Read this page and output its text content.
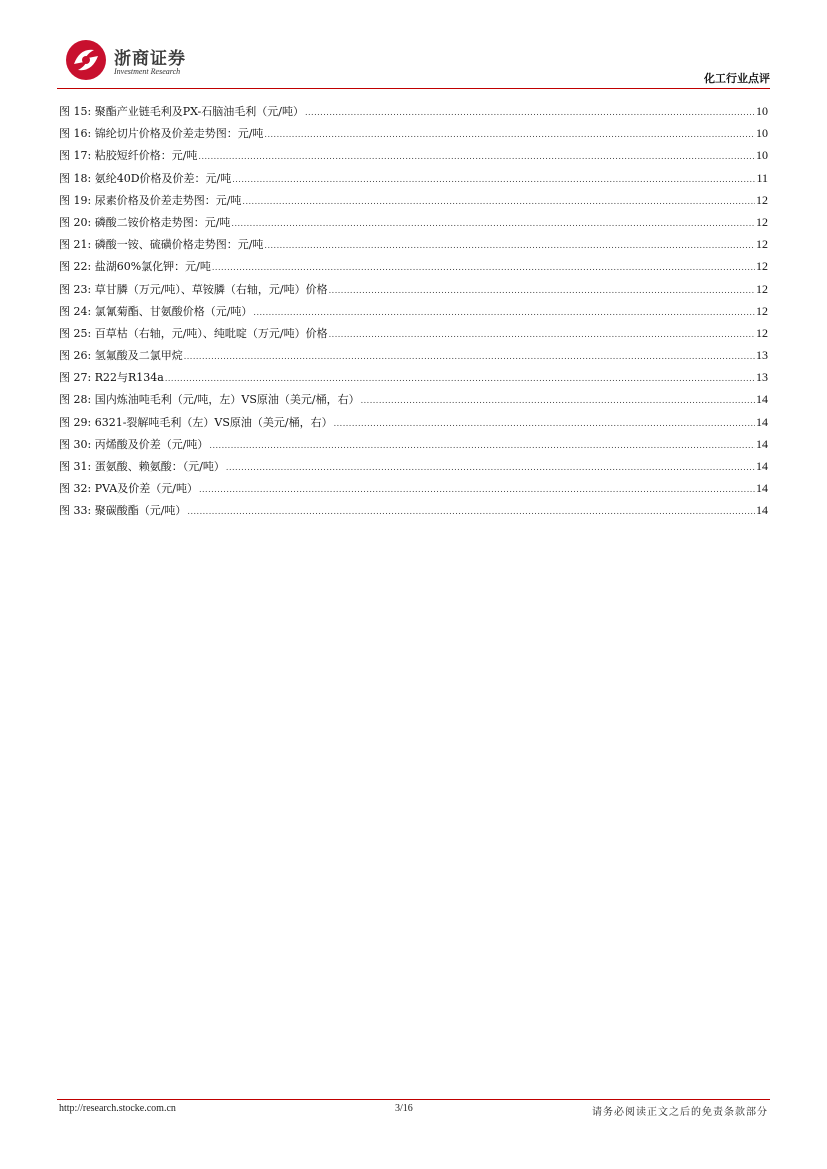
浙商证券
Investment Research
化工行业点评
图 15: 聚酯产业链毛利及PX-石脑油毛利（元/吨） .....	10
图 16: 锦纶切片价格及价差走势图：元/吨 .....	10
图 17: 粘胶短纤价格：元/吨 .....	10
图 18: 氨纶40D价格及价差：元/吨 .....	11
图 19: 尿素价格及价差走势图：元/吨 .....	12
图 20: 磷酸二铵价格走势图：元/吨 .....	12
图 21: 磷酸一铵、硫磺价格走势图：元/吨 .....	12
图 22: 盐湖60%氯化钾：元/吨 .....	12
图 23: 草甘膦（万元/吨）、草铵膦（右轴，元/吨）价格 .....	12
图 24: 氯氰菊酯、甘氨酸价格（元/吨） .....	12
图 25: 百草枯（右轴，元/吨）、纯吡啶（万元/吨）价格 .....	12
图 26: 氢氟酸及二氯甲烷 .....	13
图 27: R22与R134a .....	13
图 28: 国内炼油吨毛利（元/吨，左）VS原油（美元/桶，右） .....	14
图 29: 6321-裂解吨毛利（左）VS原油（美元/桶，右） .....	14
图 30: 丙烯酸及价差（元/吨） .....	14
图 31: 蛋氨酸、赖氨酸：（元/吨） .....	14
图 32: PVA及价差（元/吨） .....	14
图 33: 聚碳酸酯（元/吨） .....	14
http://research.stocke.com.cn	3/16	请务必阅读正文之后的免责条款部分
